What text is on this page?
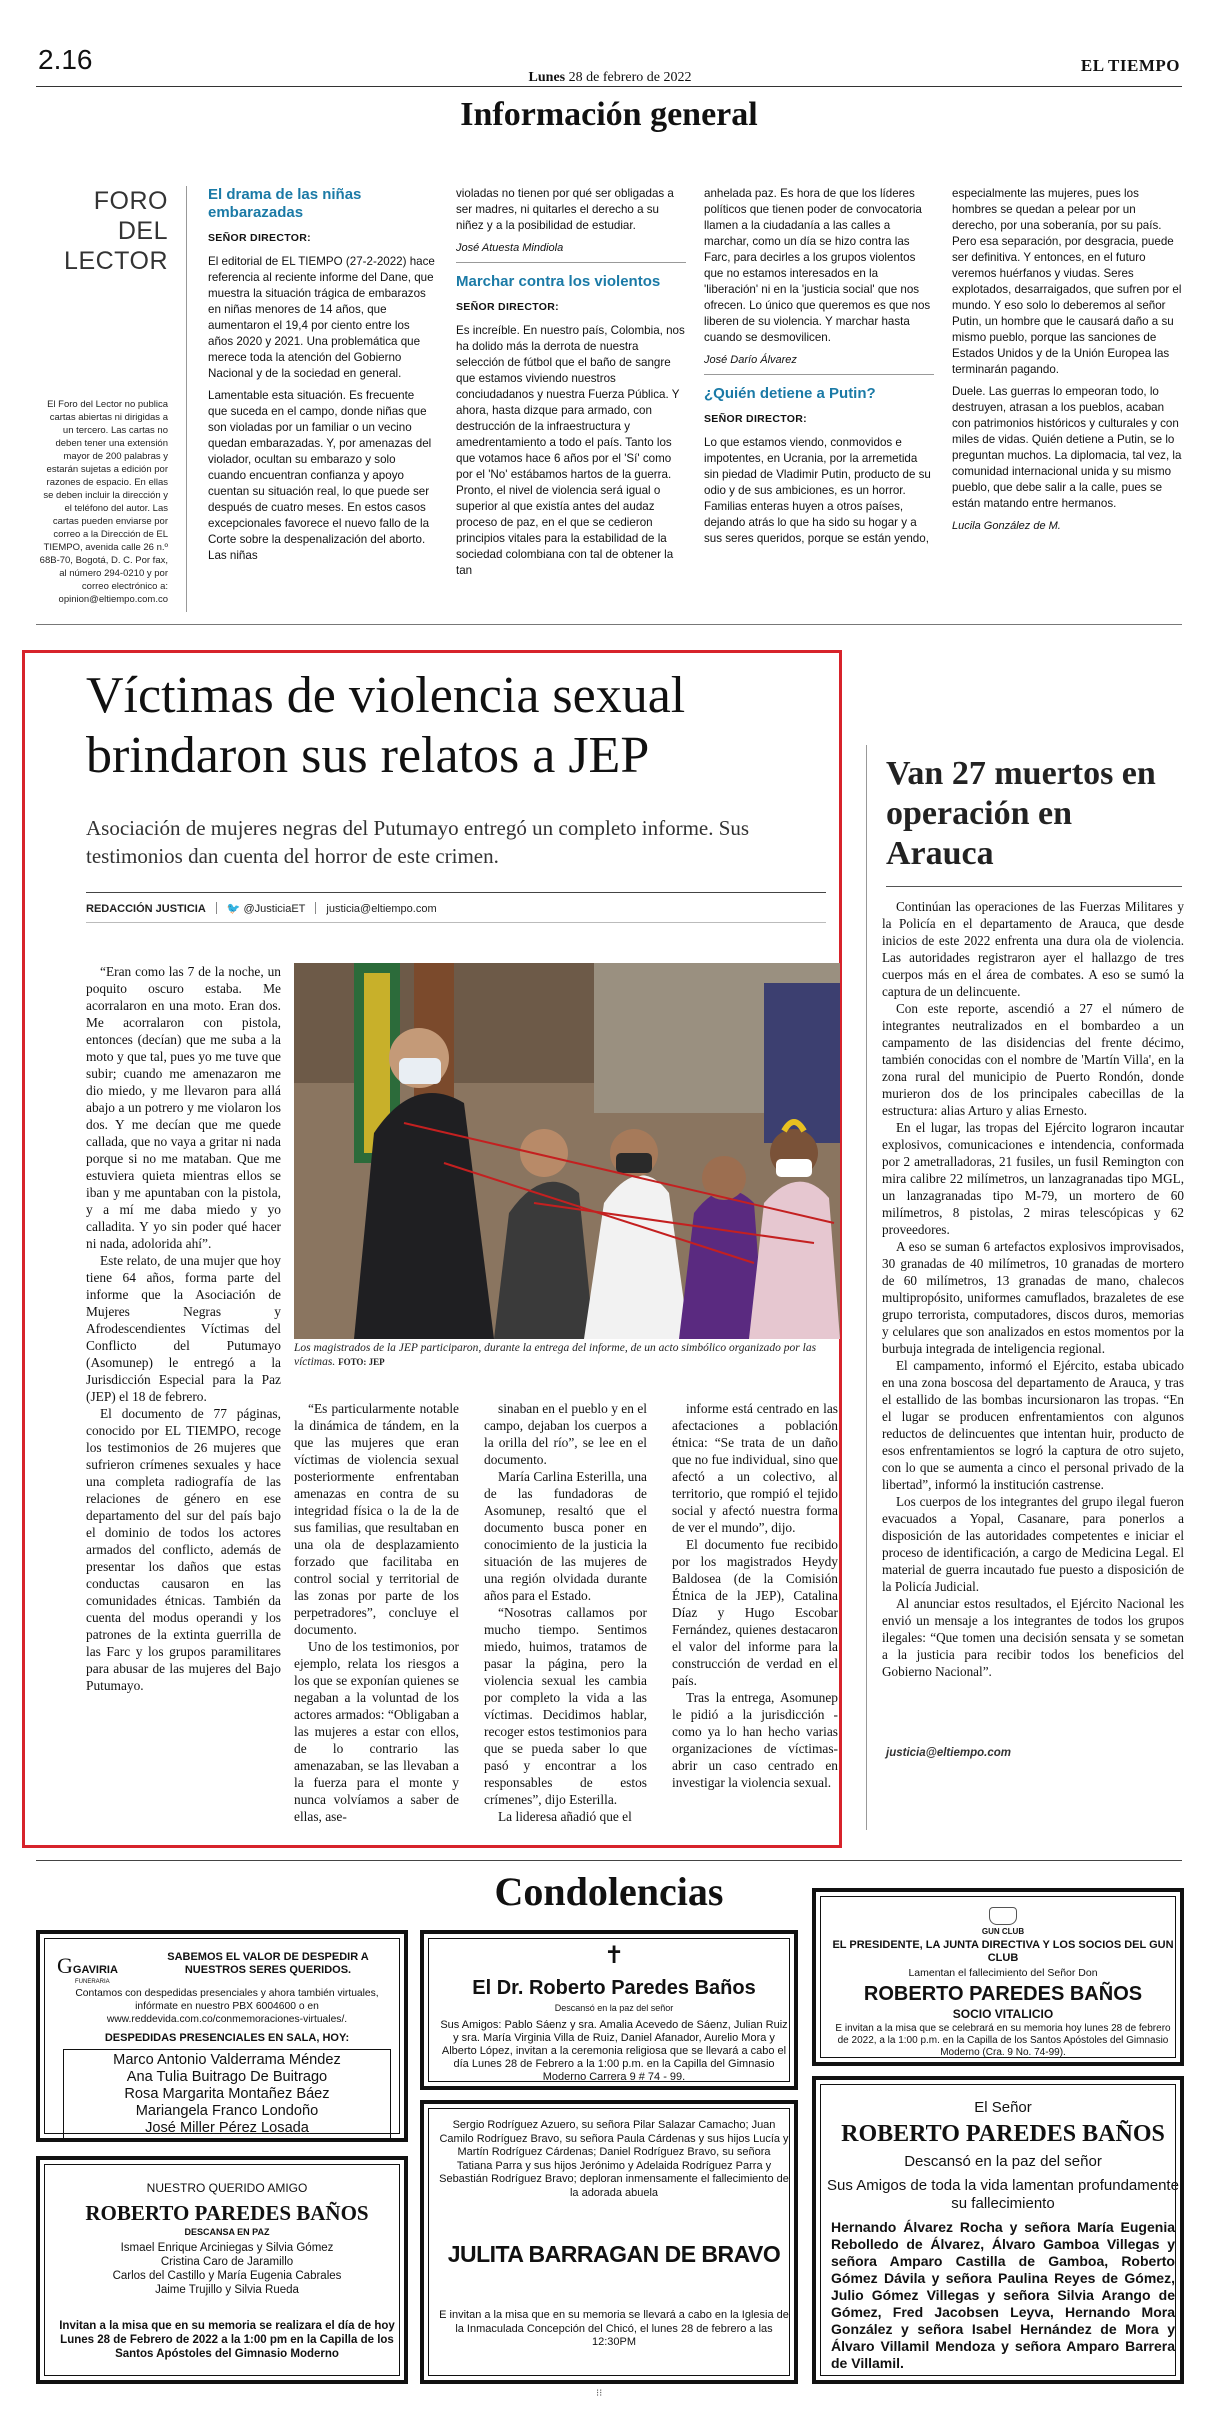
2.16
Lunes 28 de febrero de 2022
EL TIEMPO
Información general
FORO DEL
LECTOR
El Foro del Lector no publica cartas abiertas ni dirigidas a un tercero. Las cartas no deben tener una extensión mayor de 200 palabras y estarán sujetas a edición por razones de espacio. En ellas se deben incluir la dirección y el teléfono del autor. Las cartas pueden enviarse por correo a la Dirección de EL TIEMPO, avenida calle 26 n.º 68B-70, Bogotá, D. C. Por fax, al número 294-0210 y por correo electrónico a: opinion@eltiempo.com.co
El drama de las niñas embarazadas
SEÑOR DIRECTOR:

El editorial de EL TIEMPO (27-2-2022) hace referencia al reciente informe del Dane, que muestra la situación trágica de embarazos en niñas menores de 14 años, que aumentaron el 19,4 por ciento entre los años 2020 y 2021. Una problemática que merece toda la atención del Gobierno Nacional y de la sociedad en general.

Lamentable esta situación. Es frecuente que suceda en el campo, donde niñas que son violadas por un familiar o un vecino quedan embarazadas. Y, por amenazas del violador, ocultan su embarazo y solo cuando encuentran confianza y apoyo cuentan su situación real, lo que puede ser después de cuatro meses. En estos casos excepcionales favorece el nuevo fallo de la Corte sobre la despenalización del aborto. Las niñas

violadas no tienen por qué ser obligadas a ser madres, ni quitarles el derecho a su niñez y a la posibilidad de estudiar.

José Atuesta Mindiola
Marchar contra los violentos
SEÑOR DIRECTOR:

Es increíble. En nuestro país, Colombia, nos ha dolido más la derrota de nuestra selección de fútbol que el baño de sangre que estamos viviendo nuestros conciudadanos y nuestra Fuerza Pública. Y ahora, hasta dizque para armado, con destrucción de la infraestructura y amedrentamiento a todo el país. Tanto los que votamos hace 6 años por el 'Sí' como por el 'No' estábamos hartos de la guerra. Pronto, el nivel de violencia será igual o superior al que existía antes del audaz proceso de paz, en el que se cedieron principios vitales para la estabilidad de la sociedad colombiana con tal de obtener la tan

anhelada paz. Es hora de que los líderes políticos que tienen poder de convocatoria llamen a la ciudadanía a las calles a marchar, como un día se hizo contra las Farc, para decirles a los grupos violentos que no estamos interesados en la 'liberación' ni en la 'justicia social' que nos ofrecen. Lo único que queremos es que nos liberen de su violencia. Y marchar hasta cuando se desmovilicen.

José Darío Álvarez
¿Quién detiene a Putin?
SEÑOR DIRECTOR:

Lo que estamos viendo, conmovidos e impotentes, en Ucrania, por la arremetida sin piedad de Vladimir Putin, producto de su odio y de sus ambiciones, es un horror. Familias enteras huyen a otros países, dejando atrás lo que ha sido su hogar y a sus seres queridos, porque se están yendo,

especialmente las mujeres, pues los hombres se quedan a pelear por un derecho, por una soberanía, por su país. Pero esa separación, por desgracia, puede ser definitiva. Y entonces, en el futuro veremos huérfanos y viudas. Seres explotados, desarraigados, que sufren por el mundo. Y eso solo lo deberemos al señor Putin, un hombre que le causará daño a su mismo pueblo, porque las sanciones de Estados Unidos y de la Unión Europea las terminarán pagando.

Duele. Las guerras lo empeoran todo, lo destruyen, atrasan a los pueblos, acaban con patrimonios históricos y culturales y con miles de vidas. Quién detiene a Putin, se lo preguntan muchos. La diplomacia, tal vez, la comunidad internacional unida y su mismo pueblo, que debe salir a la calle, pues se están matando entre hermanos.

Lucila González de M.
Víctimas de violencia sexual brindaron sus relatos a JEP
Asociación de mujeres negras del Putumayo entregó un completo informe. Sus testimonios dan cuenta del horror de este crimen.
REDACCIÓN JUSTICIA 🐦 @JusticiaET justicia@eltiempo.com

“Eran como las 7 de la noche, un poquito oscuro estaba. Me acorralaron en una moto. Eran dos. Me acorralaron con pistola, entonces (decían) que me suba a la moto y que tal, pues yo me tuve que subir; cuando me amenazaron me dio miedo, y me llevaron para allá abajo a un potrero y me violaron los dos. Y me decían que me quede callada, que no vaya a gritar ni nada porque si no me mataban. Que me estuviera quieta mientras ellos se iban y me apuntaban con la pistola, y a mí me daba miedo y yo calladita. Y yo sin poder qué hacer ni nada, adolorida ahí”.

Este relato, de una mujer que hoy tiene 64 años, forma parte del informe que la Asociación de Mujeres Negras y Afrodescendientes Víctimas del Conflicto del Putumayo (Asomunep) le entregó a la Jurisdicción Especial para la Paz (JEP) el 18 de febrero.

El documento de 77 páginas, conocido por EL TIEMPO, recoge los testimonios de 26 mujeres que sufrieron crímenes sexuales y hace una completa radiografía de las relaciones de género en ese departamento del sur del país bajo el dominio de todos los actores armados del conflicto, además de presentar los daños que estas conductas causaron en las comunidades étnicas. También da cuenta del modus operandi y los patrones de la extinta guerrilla de las Farc y los grupos paramilitares para abusar de las mujeres del Bajo Putumayo.

Los magistrados de la JEP participaron, durante la entrega del informe, de un acto simbólico organizado por las víctimas. FOTO: JEP

“Es particularmente notable la dinámica de tándem, en la que las mujeres que eran víctimas de violencia sexual posteriormente enfrentaban amenazas en contra de su integridad física o la de la de sus familias, que resultaban en una ola de desplazamiento forzado que facilitaba en control social y territorial de las zonas por parte de los perpetradores”, concluye el documento.

Uno de los testimonios, por ejemplo, relata los riesgos a los que se exponían quienes se negaban a la voluntad de los actores armados: “Obligaban a las mujeres a estar con ellos, de lo contrario las amenazaban, se las llevaban a la fuerza para el monte y nunca volvíamos a saber de ellas, ase-

sinaban en el pueblo y en el campo, dejaban los cuerpos a la orilla del río”, se lee en el documento.

María Carlina Esterilla, una de las fundadoras de Asomunep, resaltó que el documento busca poner en conocimiento de la justicia la situación de las mujeres de una región olvidada durante años para el Estado.

“Nosotras callamos por mucho tiempo. Sentimos miedo, huimos, tratamos de pasar la página, pero la violencia sexual les cambia por completo la vida a las víctimas. Decidimos hablar, recoger estos testimonios para que se pueda saber lo que pasó y encontrar a los responsables de estos crímenes”, dijo Esterilla.

La lideresa añadió que el

informe está centrado en las afectaciones a población étnica: “Se trata de un daño que no fue individual, sino que afectó a un colectivo, al territorio, que rompió el tejido social y afectó nuestra forma de ver el mundo”, dijo.

El documento fue recibido por los magistrados Heydy Baldosea (de la Comisión Étnica de la JEP), Catalina Díaz y Hugo Escobar Fernández, quienes destacaron el valor del informe para la construcción de verdad en el país.

Tras la entrega, Asomunep le pidió a la jurisdicción -como ya lo han hecho varias organizaciones de víctimas- abrir un caso centrado en investigar la violencia sexual.

Van 27 muertos en operación en Arauca

Continúan las operaciones de las Fuerzas Militares y la Policía en el departamento de Arauca, que desde inicios de este 2022 enfrenta una dura ola de violencia. Las autoridades registraron ayer el hallazgo de tres cuerpos más en el área de combates. A eso se sumó la captura de un delincuente.

Con este reporte, ascendió a 27 el número de integrantes neutralizados en el bombardeo a un campamento de las disidencias del frente décimo, también conocidas con el nombre de 'Martín Villa', en la zona rural del municipio de Puerto Rondón, donde murieron dos de los principales cabecillas de la estructura: alias Arturo y alias Ernesto.

En el lugar, las tropas del Ejército lograron incautar explosivos, comunicaciones e intendencia, conformada por 2 ametralladoras, 21 fusiles, un fusil Remington con mira calibre 22 milímetros, un lanzagranadas tipo MGL, un lanzagranadas tipo M-79, un mortero de 60 milímetros, 8 pistolas, 2 miras telescópicas y 62 proveedores.

A eso se suman 6 artefactos explosivos improvisados, 30 granadas de 40 milímetros, 10 granadas de mortero de 60 milímetros, 13 granadas de mano, chalecos multipropósito, uniformes camuflados, brazaletes de ese grupo terrorista, computadores, discos duros, memorias y celulares que son analizados en estos momentos por la burbuja integrada de inteligencia regional.

El campamento, informó el Ejército, estaba ubicado en una zona boscosa del departamento de Arauca, y tras el estallido de las bombas incursionaron las tropas. “En el lugar se producen enfrentamientos con algunos reductos de delincuentes que intentan huir, producto de esos enfrentamientos se logró la captura de otro sujeto, con lo que se aumenta a cinco el personal privado de la libertad”, informó la institución castrense.

Los cuerpos de los integrantes del grupo ilegal fueron evacuados a Yopal, Casanare, para ponerlos a disposición de las autoridades competentes e iniciar el proceso de identificación, a cargo de Medicina Legal. El material de guerra incautado fue puesto a disposición de la Policía Judicial.

Al anunciar estos resultados, el Ejército Nacional les envió un mensaje a los integrantes de todos los grupos ilegales: “Que tomen una decisión sensata y se sometan a la justicia para recibir todos los beneficios del Gobierno Nacional”.

justicia@eltiempo.com
Condolencias
GGAVIRIA
FUNERARIA
SABEMOS EL VALOR DE DESPEDIR A NUESTROS SERES QUERIDOS.
Contamos con despedidas presenciales y ahora también virtuales, infórmate en nuestro PBX 6004600 o en www.reddevida.com.co/conmemoraciones-virtuales/.
DESPEDIDAS PRESENCIALES EN SALA, HOY:
Marco Antonio Valderrama Méndez
Ana Tulia Buitrago De Buitrago
Rosa Margarita Montañez Báez
Mariangela Franco Londoño
José Miller Pérez Losada
NUESTRO QUERIDO AMIGO
ROBERTO PAREDES BAÑOS
DESCANSA EN PAZ
Ismael Enrique Arciniegas y Silvia Gómez
Cristina Caro de Jaramillo
Carlos del Castillo y María Eugenia Cabrales
Jaime Trujillo y Silvia Rueda
Invitan a la misa que en su memoria se realizara el día de hoy Lunes 28 de Febrero de 2022 a la 1:00 pm en la Capilla de los Santos Apóstoles del Gimnasio Moderno
✝
El Dr. Roberto Paredes Baños
Descansó en la paz del señor
Sus Amigos: Pablo Sáenz y sra. Amalia Acevedo de Sáenz, Julian Ruiz y sra. María Virginia Villa de Ruiz, Daniel Afanador, Aurelio Mora y Alberto López, invitan a la ceremonia religiosa que se llevará a cabo el día Lunes 28 de Febrero a la 1:00 p.m. en la Capilla del Gimnasio Moderno Carrera 9 # 74 - 99.
Sergio Rodríguez Azuero, su señora Pilar Salazar Camacho; Juan Camilo Rodríguez Bravo, su señora Paula Cárdenas y sus hijos Lucía y Martín Rodríguez Cárdenas; Daniel Rodríguez Bravo, su señora Tatiana Parra y sus hijos Jerónimo y Adelaida Rodríguez Parra y Sebastián Rodríguez Bravo; deploran inmensamente el fallecimiento de la adorada abuela
JULITA BARRAGAN DE BRAVO
E invitan a la misa que en su memoria se llevará a cabo en la Iglesia de la Inmaculada Concepción del Chicó, el lunes 28 de febrero a las 12:30PM
GUN CLUB
EL PRESIDENTE, LA JUNTA DIRECTIVA Y LOS SOCIOS DEL GUN CLUB
Lamentan el fallecimiento del Señor Don
ROBERTO PAREDES BAÑOS
SOCIO VITALICIO
E invitan a la misa que se celebrará en su memoria hoy lunes 28 de febrero de 2022, a la 1:00 p.m. en la Capilla de los Santos Apóstoles del Gimnasio Moderno (Cra. 9 No. 74-99).
El Señor
ROBERTO PAREDES BAÑOS
Descansó en la paz del señor
Sus Amigos de toda la vida lamentan profundamente su fallecimiento
Hernando Álvarez Rocha y señora María Eugenia Rebolledo de Álvarez, Álvaro Gamboa Villegas y señora Amparo Castilla de Gamboa, Roberto Gómez Dávila y señora Paulina Reyes de Gómez, Julio Gómez Villegas y señora Silvia Arango de Gómez, Fred Jacobsen Leyva, Hernando Mora González y señora Isabel Hernández de Mora y Álvaro Villamil Mendoza y señora Amparo Barrera de Villamil.
⁝⁝
